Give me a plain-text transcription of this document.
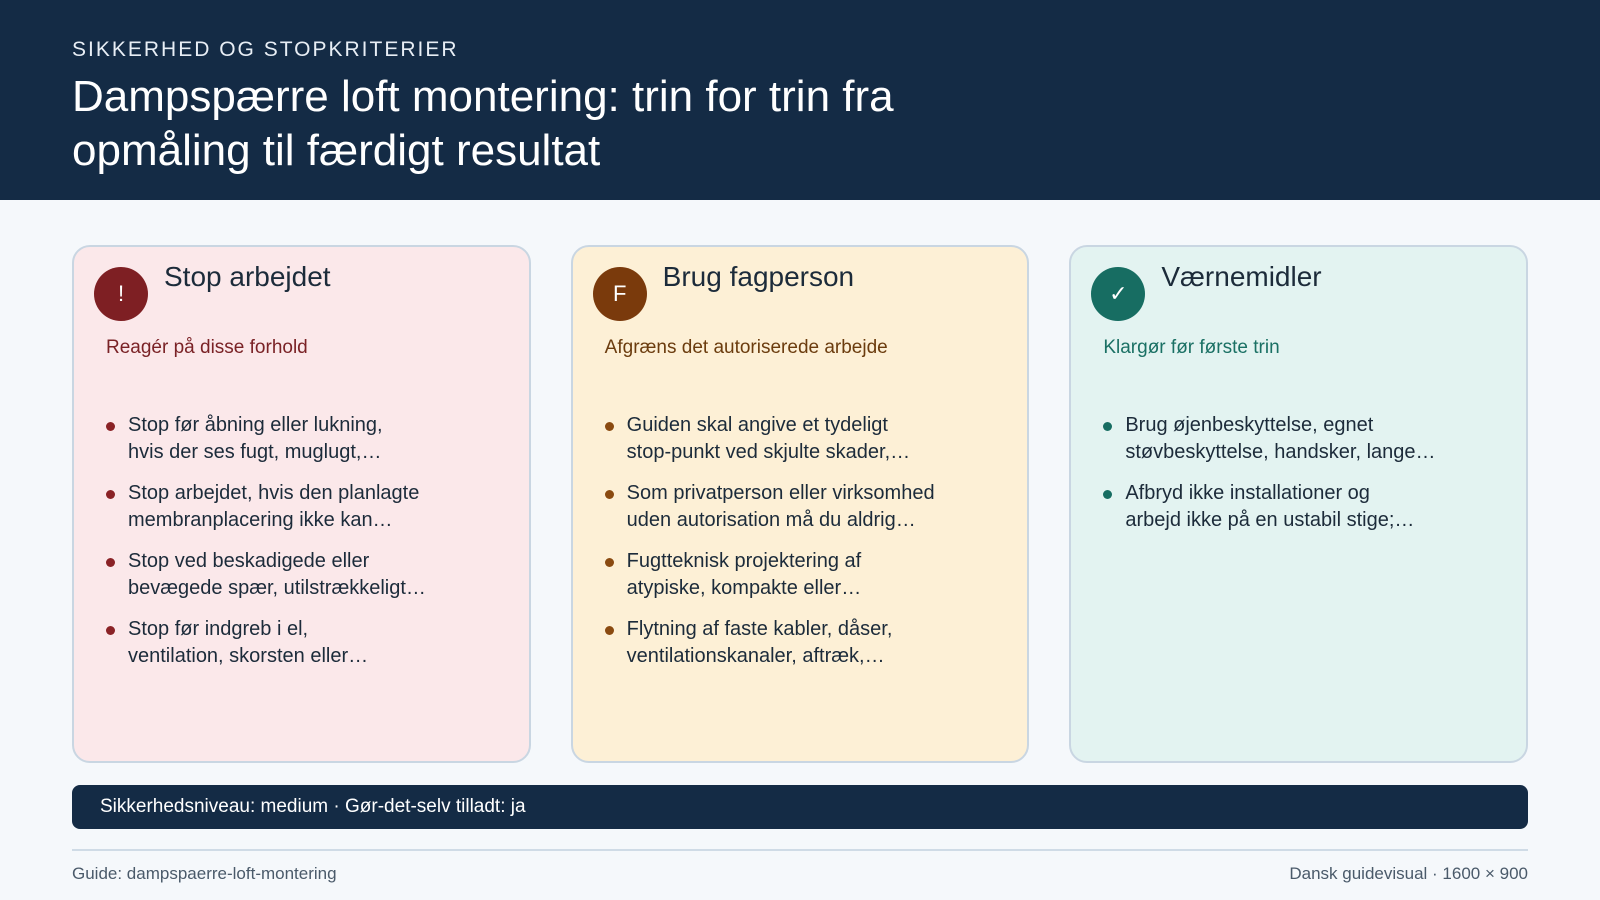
SIKKERHED OG STOPKRITERIER
Dampspærre loft montering: trin for trin fra
opmåling til færdigt resultat
!
Stop arbejdet
Reagér på disse forhold
Stop før åbning eller lukning,
hvis der ses fugt, muglugt,…
Stop arbejdet, hvis den planlagte
membranplacering ikke kan…
Stop ved beskadigede eller
bevægede spær, utilstrækkeligt…
Stop før indgreb i el,
ventilation, skorsten eller…
F
Brug fagperson
Afgræns det autoriserede arbejde
Guiden skal angive et tydeligt
stop-punkt ved skjulte skader,…
Som privatperson eller virksomhed
uden autorisation må du aldrig…
Fugtteknisk projektering af
atypiske, kompakte eller…
Flytning af faste kabler, dåser,
ventilationskanaler, aftræk,…
✓
Værnemidler
Klargør før første trin
Brug øjenbeskyttelse, egnet
støvbeskyttelse, handsker, lange…
Afbryd ikke installationer og
arbejd ikke på en ustabil stige;…
Sikkerhedsniveau: medium · Gør-det-selv tilladt: ja
Guide: dampspaerre-loft-montering	Dansk guidevisual · 1600 × 900
